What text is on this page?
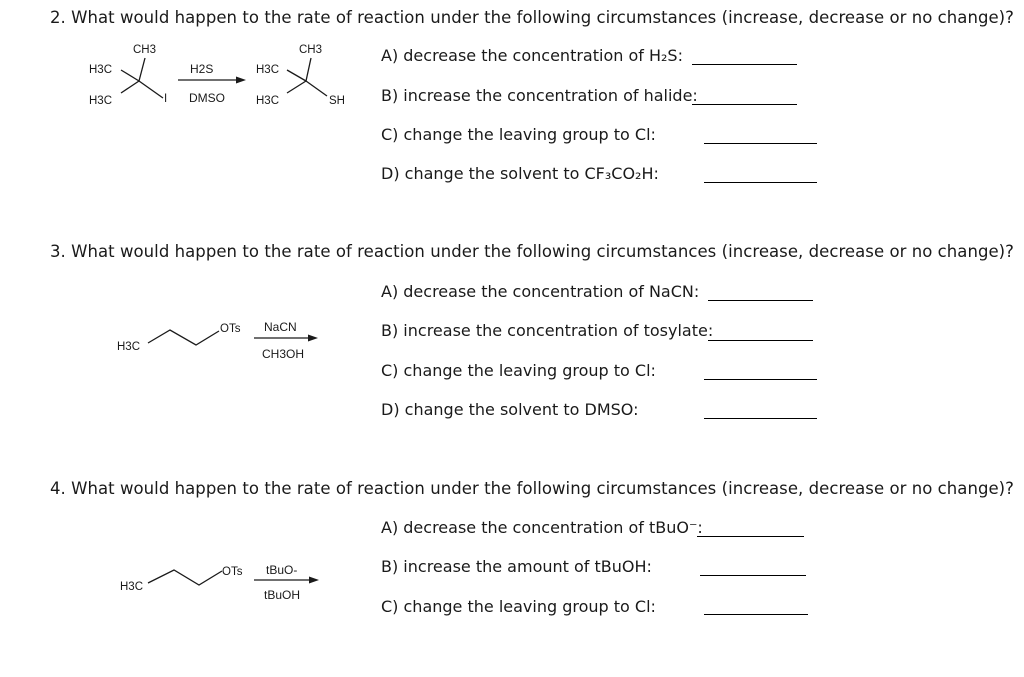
2. What would happen to the rate of reaction under the following circumstances (increase, decrease or no change)?
CH3
H3C
H3C	I
H2S
DMSO
CH3
H3C
H3C	SH
A) decrease the concentration of H₂S:
B) increase the concentration of halide:
C) change the leaving group to Cl:
D) change the solvent to CF₃CO₂H:
3. What would happen to the rate of reaction under the following circumstances (increase, decrease or no change)?
H3C
OTs NaCN
CH3OH
A) decrease the concentration of NaCN:
B) increase the concentration of tosylate:
C) change the leaving group to Cl:
D) change the solvent to DMSO:
4. What would happen to the rate of reaction under the following circumstances (increase, decrease or no change)?
H3C
OTs tBuO-
tBuOH
A) decrease the concentration of tBuO⁻:
B) increase the amount of tBuOH:
C) change the leaving group to Cl:
